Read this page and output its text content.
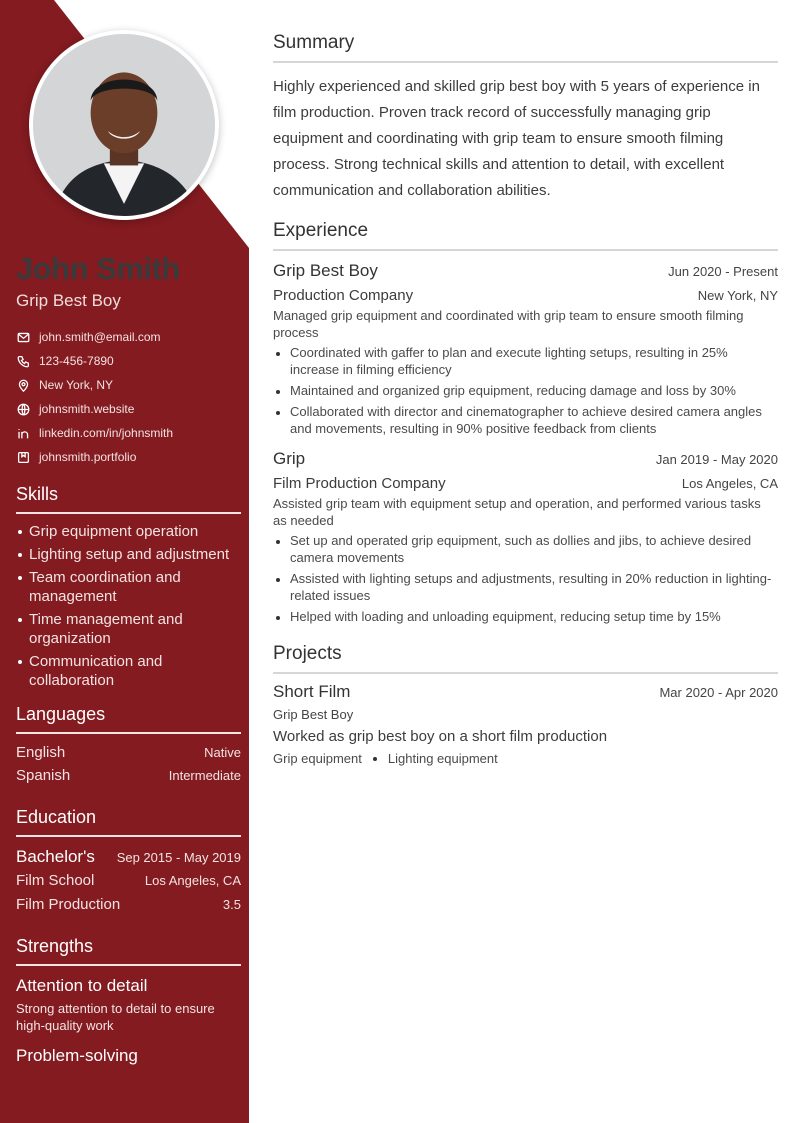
John Smith
Grip Best Boy
john.smith@email.com
123-456-7890
New York, NY
johnsmith.website
linkedin.com/in/johnsmith
johnsmith.portfolio
Skills
Grip equipment operation
Lighting setup and adjustment
Team coordination and management
Time management and organization
Communication and collaboration
Languages
English	Native
Spanish	Intermediate
Education
Bachelor's Sep 2015 - May 2019
Film School	Los Angeles, CA
Film Production	3.5
Strengths
Attention to detail
Strong attention to detail to ensure high-quality work
Problem-solving
Summary
Highly experienced and skilled grip best boy with 5 years of experience in film production. Proven track record of successfully managing grip equipment and coordinating with grip team to ensure smooth filming process. Strong technical skills and attention to detail, with excellent communication and collaboration abilities.
Experience
Grip Best Boy	Jun 2020 - Present
Production Company	New York, NY
Managed grip equipment and coordinated with grip team to ensure smooth filming process
Coordinated with gaffer to plan and execute lighting setups, resulting in 25% increase in filming efficiency
Maintained and organized grip equipment, reducing damage and loss by 30%
Collaborated with director and cinematographer to achieve desired camera angles and movements, resulting in 90% positive feedback from clients
Grip	Jan 2019 - May 2020
Film Production Company	Los Angeles, CA
Assisted grip team with equipment setup and operation, and performed various tasks as needed
Set up and operated grip equipment, such as dollies and jibs, to achieve desired camera movements
Assisted with lighting setups and adjustments, resulting in 20% reduction in lighting-related issues
Helped with loading and unloading equipment, reducing setup time by 15%
Projects
Short Film	Mar 2020 - Apr 2020
Grip Best Boy
Worked as grip best boy on a short film production
Grip equipment Lighting equipment
